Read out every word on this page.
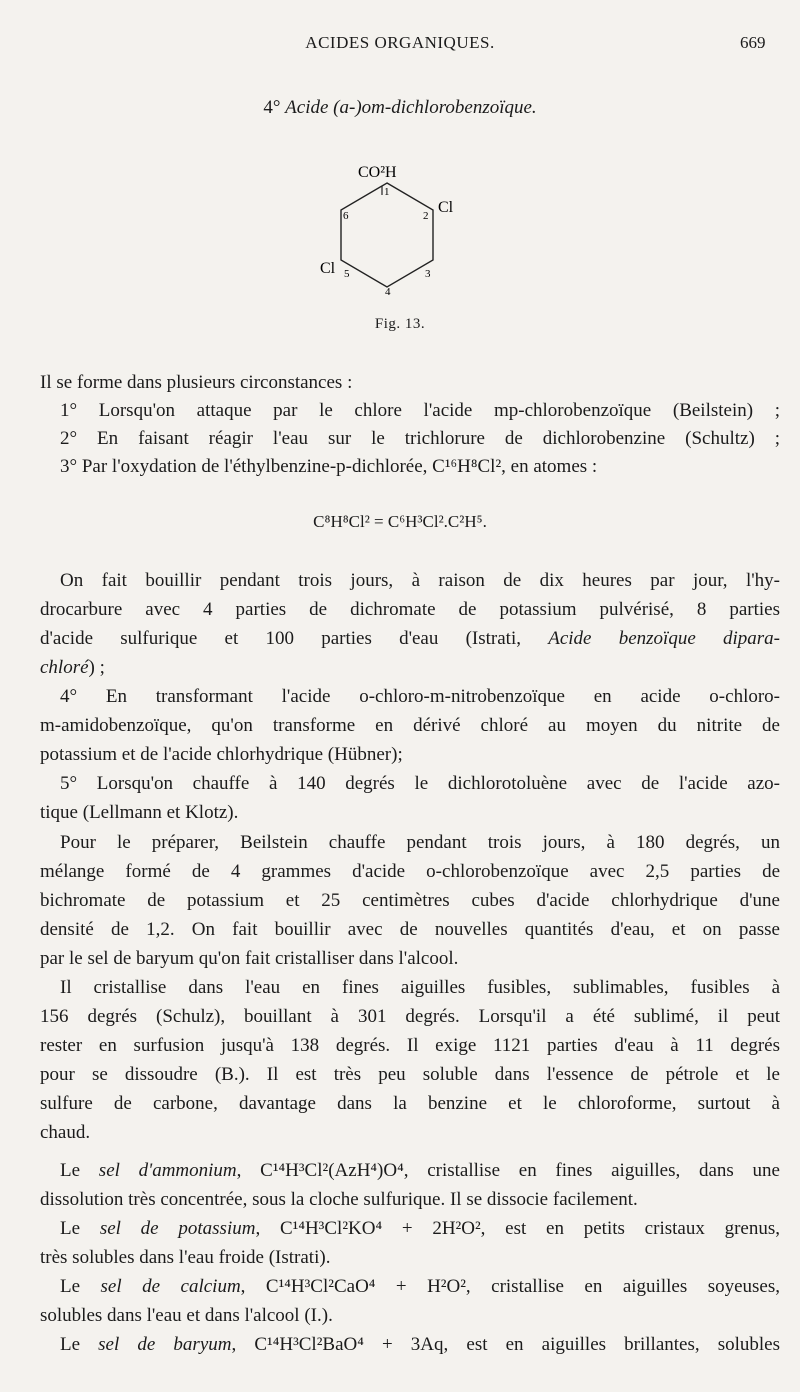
ACIDES ORGANIQUES.	669
4° Acide (a-)om-dichlorobenzoïque.
CO²H
1
2
3
4
5
6	Cl
Cl
Fig. 13.
Il se forme dans plusieurs circonstances :
1° Lorsqu'on attaque par le chlore l'acide mp-chlorobenzoïque (Beilstein) ;
2° En faisant réagir l'eau sur le trichlorure de dichlorobenzine (Schultz) ;
3° Par l'oxydation de l'éthylbenzine-p-dichlorée, C¹⁶H⁸Cl², en atomes :
C⁸H⁸Cl² = C⁶H³Cl².C²H⁵.
On fait bouillir pendant trois jours, à raison de dix heures par jour, l'hy-
drocarbure avec 4 parties de dichromate de potassium pulvérisé, 8 parties
d'acide sulfurique et 100 parties d'eau (Istrati, Acide benzoïque dipara-
chloré) ;
4° En transformant l'acide o-chloro-m-nitrobenzoïque en acide o-chloro-
m-amidobenzoïque, qu'on transforme en dérivé chloré au moyen du nitrite de
potassium et de l'acide chlorhydrique (Hübner);
5° Lorsqu'on chauffe à 140 degrés le dichlorotoluène avec de l'acide azo-
tique (Lellmann et Klotz).
Pour le préparer, Beilstein chauffe pendant trois jours, à 180 degrés, un
mélange formé de 4 grammes d'acide o-chlorobenzoïque avec 2,5 parties de
bichromate de potassium et 25 centimètres cubes d'acide chlorhydrique d'une
densité de 1,2. On fait bouillir avec de nouvelles quantités d'eau, et on passe
par le sel de baryum qu'on fait cristalliser dans l'alcool.
Il cristallise dans l'eau en fines aiguilles fusibles, sublimables, fusibles à
156 degrés (Schulz), bouillant à 301 degrés. Lorsqu'il a été sublimé, il peut
rester en surfusion jusqu'à 138 degrés. Il exige 1121 parties d'eau à 11 degrés
pour se dissoudre (B.). Il est très peu soluble dans l'essence de pétrole et le
sulfure de carbone, davantage dans la benzine et le chloroforme, surtout à
chaud.
Le sel d'ammonium, C¹⁴H³Cl²(AzH⁴)O⁴, cristallise en fines aiguilles, dans une
dissolution très concentrée, sous la cloche sulfurique. Il se dissocie facilement.
Le sel de potassium, C¹⁴H³Cl²KO⁴ + 2H²O², est en petits cristaux grenus,
très solubles dans l'eau froide (Istrati).
Le sel de calcium, C¹⁴H³Cl²CaO⁴ + H²O², cristallise en aiguilles soyeuses,
solubles dans l'eau et dans l'alcool (I.).
Le sel de baryum, C¹⁴H³Cl²BaO⁴ + 3Aq, est en aiguilles brillantes, solubles
